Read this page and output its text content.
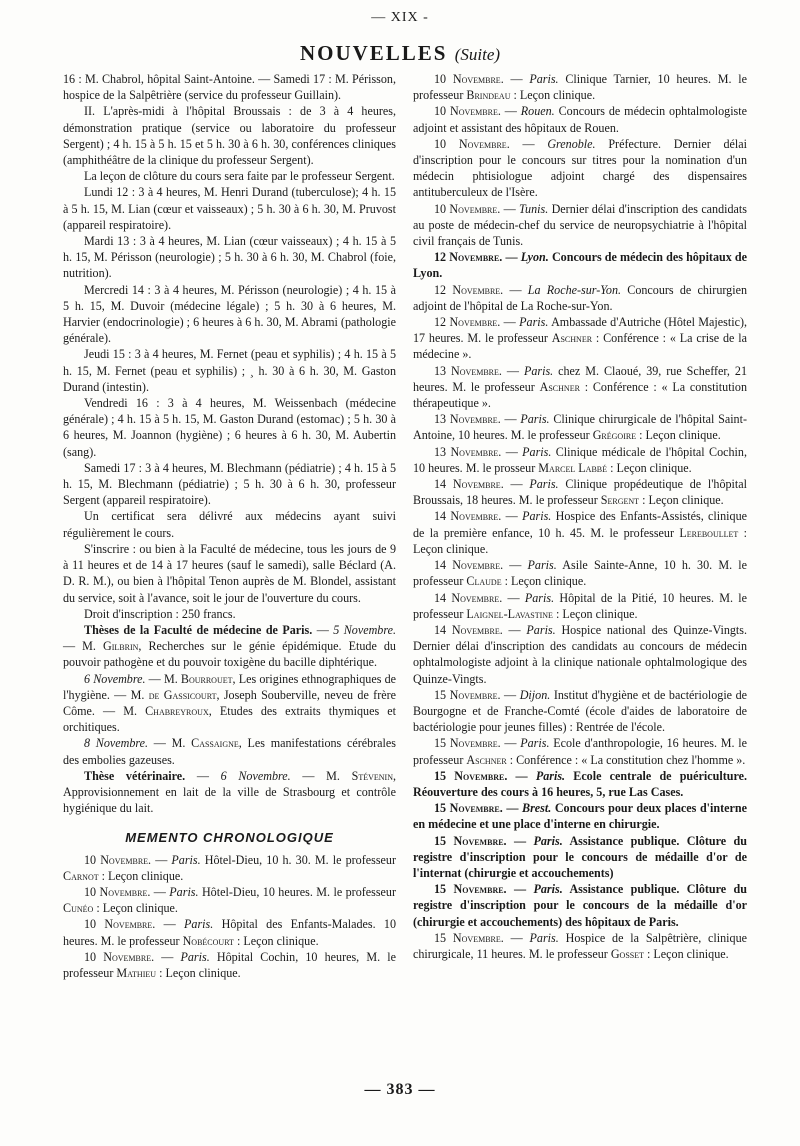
— XIX -
NOUVELLES (Suite)

16 : M. Chabrol, hôpital Saint-Antoine. — Samedi 17 : M. Périsson, hospice de la Salpêtrière (service du professeur Guillain).

II. L'après-midi à l'hôpital Broussais : de 3 à 4 heures, démonstration pratique (service ou laboratoire du professeur Sergent) ; 4 h. 15 à 5 h. 15 et 5 h. 30 à 6 h. 30, conférences cliniques (amphithéâtre de la clinique du professeur Sergent).

La leçon de clôture du cours sera faite par le professeur Sergent.

Lundi 12 : 3 à 4 heures, M. Henri Durand (tuberculose); 4 h. 15 à 5 h. 15, M. Lian (cœur et vaisseaux) ; 5 h. 30 à 6 h. 30, M. Pruvost (appareil respiratoire).

Mardi 13 : 3 à 4 heures, M. Lian (cœur vaisseaux) ; 4 h. 15 à 5 h. 15, M. Périsson (neurologie) ; 5 h. 30 à 6 h. 30, M. Chabrol (foie, nutrition).

Mercredi 14 : 3 à 4 heures, M. Périsson (neurologie) ; 4 h. 15 à 5 h. 15, M. Duvoir (médecine légale) ; 5 h. 30 à 6 heures, M. Harvier (endocrinologie) ; 6 heures à 6 h. 30, M. Abrami (pathologie générale).

Jeudi 15 : 3 à 4 heures, M. Fernet (peau et syphilis) ; 4 h. 15 à 5 h. 15, M. Fernet (peau et syphilis) ; ¸ h. 30 à 6 h. 30, M. Gaston Durand (intestin).

Vendredi 16 : 3 à 4 heures, M. Weissenbach (médecine générale) ; 4 h. 15 à 5 h. 15, M. Gaston Durand (estomac) ; 5 h. 30 à 6 heures, M. Joannon (hygiène) ; 6 heures à 6 h. 30, M. Aubertin (sang).

Samedi 17 : 3 à 4 heures, M. Blechmann (pédiatrie) ; 4 h. 15 à 5 h. 15, M. Blechmann (pédiatrie) ; 5 h. 30 à 6 h. 30, professeur Sergent (appareil respiratoire).

Un certificat sera délivré aux médecins ayant suivi régulièrement le cours.

S'inscrire : ou bien à la Faculté de médecine, tous les jours de 9 à 11 heures et de 14 à 17 heures (sauf le samedi), salle Béclard (A. D. R. M.), ou bien à l'hôpital Tenon auprès de M. Blondel, assistant du service, soit à l'avance, soit le jour de l'ouverture du cours.

Droit d'inscription : 250 francs.

Thèses de la Faculté de médecine de Paris. — 5 Novembre. — M. Gilbrin, Recherches sur le génie épidémique. Etude du pouvoir pathogène et du pouvoir toxigène du bacille diphtérique.

6 Novembre. — M. Bourrouet, Les origines ethnographiques de l'hygiène. — M. de Gassicourt, Joseph Souberville, neveu de frère Côme. — M. Chabreyroux, Etudes des extraits thymiques et orchitiques.

8 Novembre. — M. Cassaigne, Les manifestations cérébrales des embolies gazeuses.

Thèse vétérinaire. — 6 Novembre. — M. Stévenin, Approvisionnement en lait de la ville de Strasbourg et contrôle hygiénique du lait.

MEMENTO CHRONOLOGIQUE

10 Novembre. — Paris. Hôtel-Dieu, 10 h. 30. M. le professeur Carnot : Leçon clinique.

10 Novembre. — Paris. Hôtel-Dieu, 10 heures. M. le professeur Cunéo : Leçon clinique.

10 Novembre. — Paris. Hôpital des Enfants-Malades. 10 heures. M. le professeur Nobécourt : Leçon clinique.

10 Novembre. — Paris. Hôpital Cochin, 10 heures, M. le professeur Mathieu : Leçon clinique.

10 Novembre. — Paris. Clinique Tarnier, 10 heures. M. le professeur Brindeau : Leçon clinique.

10 Novembre. — Rouen. Concours de médecin ophtalmologiste adjoint et assistant des hôpitaux de Rouen.

10 Novembre. — Grenoble. Préfecture. Dernier délai d'inscription pour le concours sur titres pour la nomination d'un médecin phtisiologue adjoint chargé des dispensaires antituberculeux de l'Isère.

10 Novembre. — Tunis. Dernier délai d'inscription des candidats au poste de médecin-chef du service de neuropsychiatrie à l'hôpital civil français de Tunis.

12 Novembre. — Lyon. Concours de médecin des hôpitaux de Lyon.

12 Novembre. — La Roche-sur-Yon. Concours de chirurgien adjoint de l'hôpital de La Roche-sur-Yon.

12 Novembre. — Paris. Ambassade d'Autriche (Hôtel Majestic), 17 heures. M. le professeur Aschner : Conférence : « La crise de la médecine ».

13 Novembre. — Paris. chez M. Claoué, 39, rue Scheffer, 21 heures. M. le professeur Aschner : Conférence : « La constitution thérapeutique ».

13 Novembre. — Paris. Clinique chirurgicale de l'hôpital Saint-Antoine, 10 heures. M. le professeur Grégoire : Leçon clinique.

13 Novembre. — Paris. Clinique médicale de l'hôpital Cochin, 10 heures. M. le prosseur Marcel Labbé : Leçon clinique.

14 Novembre. — Paris. Clinique propédeutique de l'hôpital Broussais, 18 heures. M. le professeur Sergent : Leçon clinique.

14 Novembre. — Paris. Hospice des Enfants-Assistés, clinique de la première enfance, 10 h. 45. M. le professeur Lereboullet : Leçon clinique.

14 Novembre. — Paris. Asile Sainte-Anne, 10 h. 30. M. le professeur Claude : Leçon clinique.

14 Novembre. — Paris. Hôpital de la Pitié, 10 heures. M. le professeur Laignel-Lavastine : Leçon clinique.

14 Novembre. — Paris. Hospice national des Quinze-Vingts. Dernier délai d'inscription des candidats au concours de médecin ophtalmologiste adjoint à la clinique nationale ophtalmologique des Quinze-Vingts.

15 Novembre. — Dijon. Institut d'hygiène et de bactériologie de Bourgogne et de Franche-Comté (école d'aides de laboratoire de bactériologie pour jeunes filles) : Rentrée de l'école.

15 Novembre. — Paris. Ecole d'anthropologie, 16 heures. M. le professeur Aschner : Conférence : « La constitution chez l'homme ».

15 Novembre. — Paris. Ecole centrale de puériculture. Réouverture des cours à 16 heures, 5, rue Las Cases.

15 Novembre. — Brest. Concours pour deux places d'interne en médecine et une place d'interne en chirurgie.

15 Novembre. — Paris. Assistance publique. Clôture du registre d'inscription pour le concours de médaille d'or de l'internat (chirurgie et accouchements)

15 Novembre. — Paris. Assistance publique. Clôture du registre d'inscription pour le concours de la médaille d'or (chirurgie et accouchements) des hôpitaux de Paris.

15 Novembre. — Paris. Hospice de la Salpêtrière, clinique chirurgicale, 11 heures. M. le professeur Gosset : Leçon clinique.

— 383 —
